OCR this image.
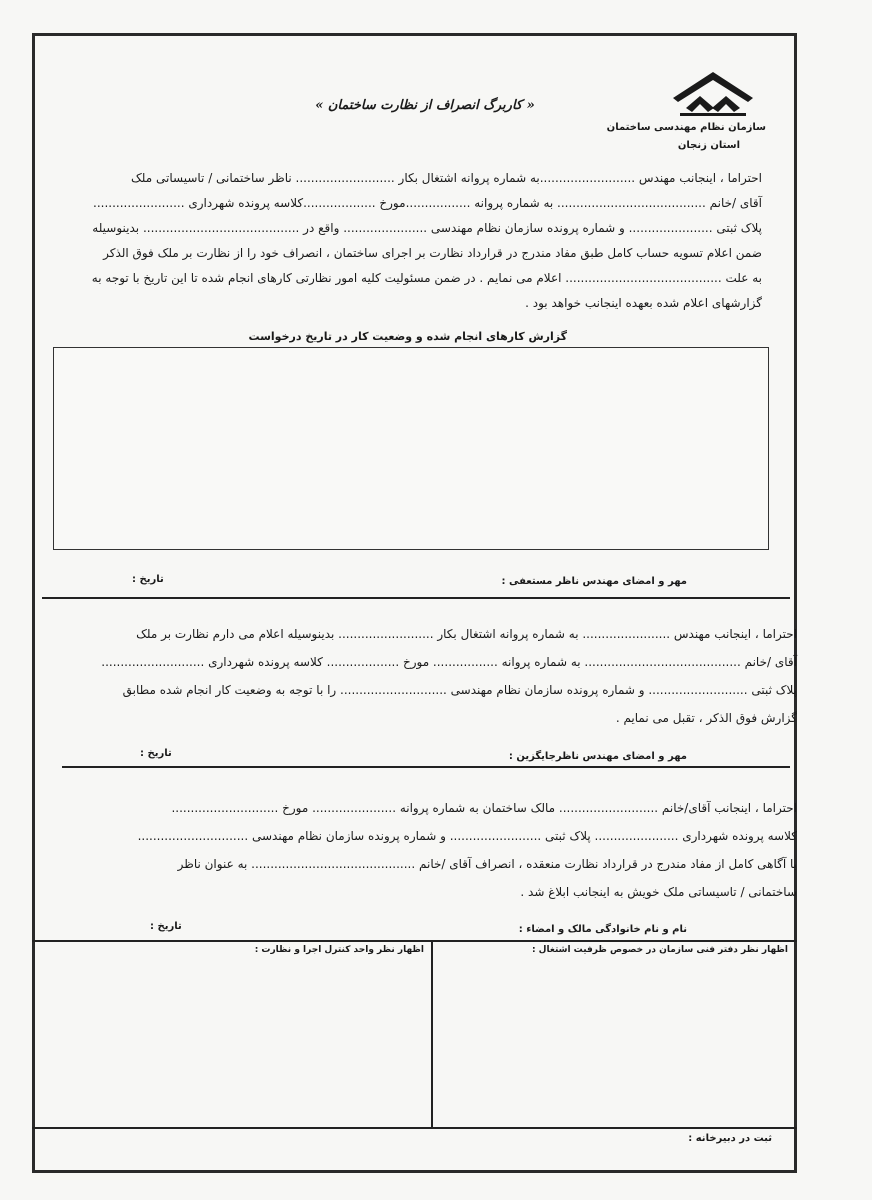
سازمان نظام مهندسی ساختمان
استان زنجان
« کاربرگ انصراف از نظارت ساختمان »
احتراما ، اینجانب مهندس .........................به شماره پروانه اشتغال بکار .......................... ناظر ساختمانی / تاسیساتی ملک
آقای /خانم ....................................... به شماره پروانه .................مورخ ...................کلاسه پرونده شهرداری ........................
پلاک ثبتی ...................... و شماره پرونده سازمان نظام مهندسی ...................... واقع در ......................................... بدینوسیله
ضمن اعلام تسویه حساب کامل طبق مفاد مندرج در قرارداد نظارت بر اجرای ساختمان ، انصراف خود را از نظارت بر ملک فوق الذکر
به علت ......................................... اعلام می نمایم . در ضمن مسئولیت کلیه امور نظارتی کارهای انجام شده تا این تاریخ با توجه به
گزارشهای اعلام شده بعهده اینجانب خواهد بود .
گزارش کارهای انجام شده و وضعیت کار در تاریخ درخواست
مهر و امضای مهندس ناظر مستعفی :
تاریخ :
احتراما ، اینجانب مهندس ....................... به شماره پروانه اشتغال بکار ......................... بدینوسیله اعلام می دارم نظارت بر ملک
آقای /خانم ......................................... به شماره پروانه ................. مورخ ................... کلاسه پرونده شهرداری ...........................
پلاک ثبتی .......................... و شماره پرونده سازمان نظام مهندسی ............................ را با توجه به وضعیت کار انجام شده مطابق
گزارش فوق الذکر ، تقبل می نمایم .
مهر و امضای مهندس ناظرجایگزین :
تاریخ :
احتراما ، اینجانب آقای/خانم .......................... مالک ساختمان به شماره پروانه ...................... مورخ ............................
کلاسه پرونده شهرداری ...................... پلاک ثبتی ........................ و شماره پرونده سازمان نظام مهندسی .............................
با آگاهی کامل از مفاد مندرج در قرارداد نظارت منعقده ، انصراف آقای /خانم ........................................... به عنوان ناظر
ساختمانی / تاسیساتی ملک خویش به اینجانب ابلاغ شد .
نام و نام خانوادگی مالک و امضاء :
تاریخ :
اظهار نظر دفتر فنی سازمان در خصوص ظرفیت اشتغال :
اظهار نظر واحد کنترل اجرا و نظارت :
ثبت در دبیرخانه :
